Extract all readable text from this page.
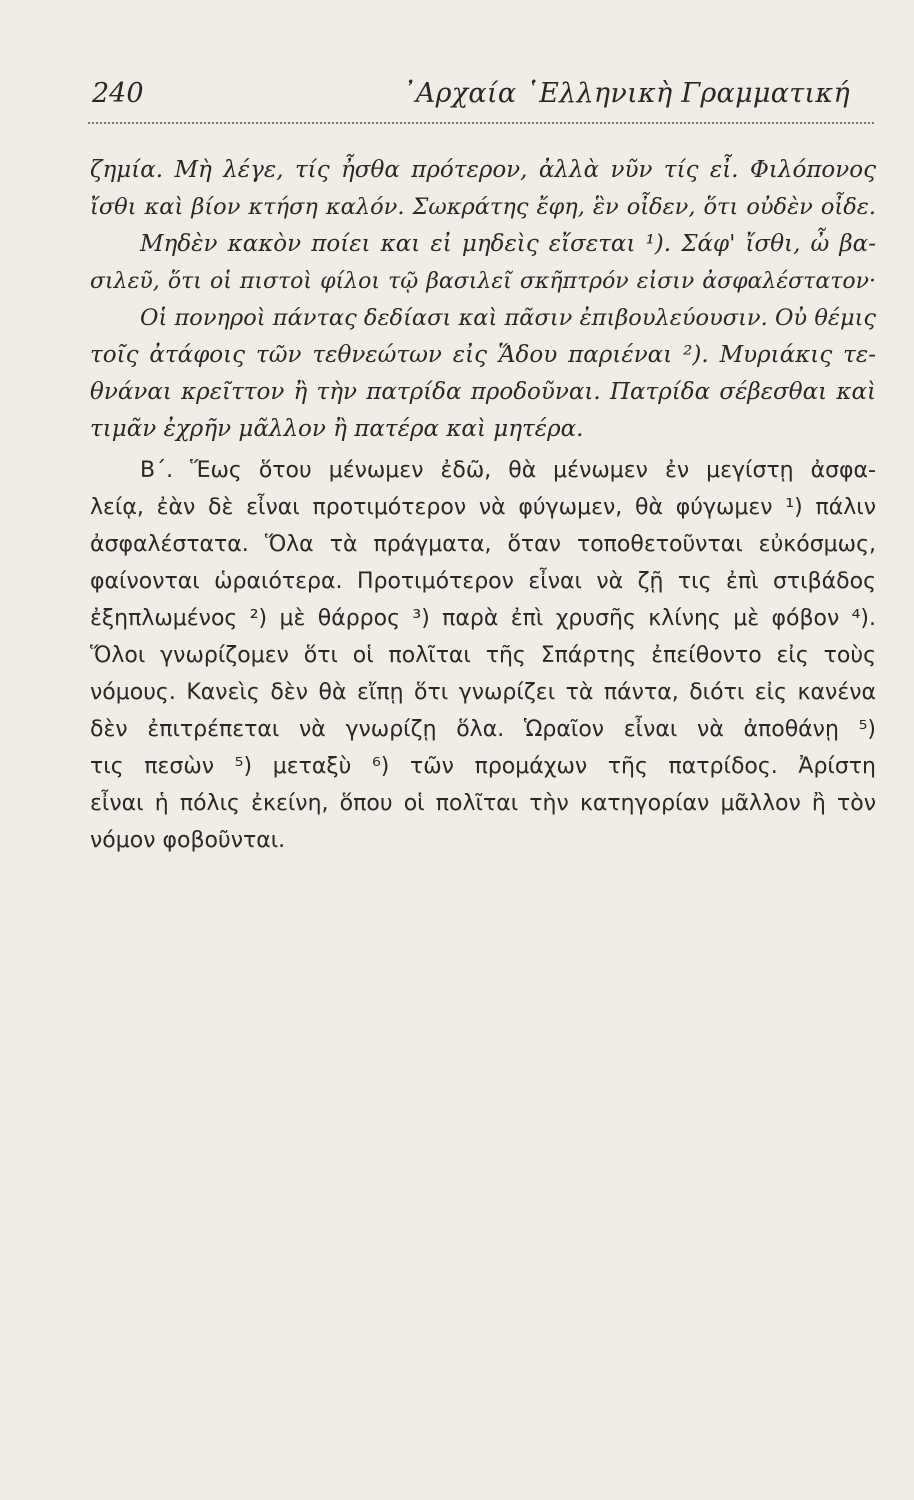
240	᾿Αρχαία ῾Ελληνικὴ Γραμματική
ζημία. Μὴ λέγε, τίς ἦσθα πρότερον, ἀλλὰ νῦν τίς εἶ. Φιλόπονος
ἴσθι καὶ βίον κτήση καλόν. Σωκράτης ἔφη, ἓν οἶδεν, ὅτι οὐδὲν οἶδε.
Μηδὲν κακὸν ποίει και εἰ μηδεὶς εἴσεται ¹). Σάφ' ἴσθι, ὦ βα-
σιλεῦ, ὅτι οἱ πιστοὶ φίλοι τῷ βασιλεῖ σκῆπτρόν εἰσιν ἀσφαλέστατον·
Οἱ πονηροὶ πάντας δεδίασι καὶ πᾶσιν ἐπιβουλεύουσιν. Οὐ θέμις
τοῖς ἀτάφοις τῶν τεθνεώτων εἰς Ἅδου παριέναι ²). Μυριάκις τε-
θνάναι κρεῖττον ἢ τὴν πατρίδα προδοῦναι. Πατρίδα σέβεσθαι καὶ
τιμᾶν ἐχρῆν μᾶλλον ἢ πατέρα καὶ μητέρα.
Β΄. Ἕως ὅτου μένωμεν ἐδῶ, θὰ μένωμεν ἐν μεγίστῃ ἀσφα-
λείᾳ, ἐὰν δὲ εἶναι προτιμότερον νὰ φύγωμεν, θὰ φύγωμεν ¹) πάλιν
ἀσφαλέστατα. Ὅλα τὰ πράγματα, ὅταν τοποθετοῦνται εὐκόσμως,
φαίνονται ὡραιότερα. Προτιμότερον εἶναι νὰ ζῇ τις ἐπὶ στιβάδος
ἐξηπλωμένος ²) μὲ θάρρος ³) παρὰ ἐπὶ χρυσῆς κλίνης μὲ φόβον ⁴).
Ὅλοι γνωρίζομεν ὅτι οἱ πολῖται τῆς Σπάρτης ἐπείθοντο εἰς τοὺς
νόμους. Κανεὶς δὲν θὰ εἴπῃ ὅτι γνωρίζει τὰ πάντα, διότι εἰς κανένα
δὲν ἐπιτρέπεται νὰ γνωρίζῃ ὅλα. Ὡραῖον εἶναι νὰ ἀποθάνῃ ⁵)
τις πεσὼν ⁵) μεταξὺ ⁶) τῶν προμάχων τῆς πατρίδος. Ἀρίστη
εἶναι ἡ πόλις ἐκείνη, ὅπου οἱ πολῖται τὴν κατηγορίαν μᾶλλον ἢ τὸν
νόμον φοβοῦνται.
